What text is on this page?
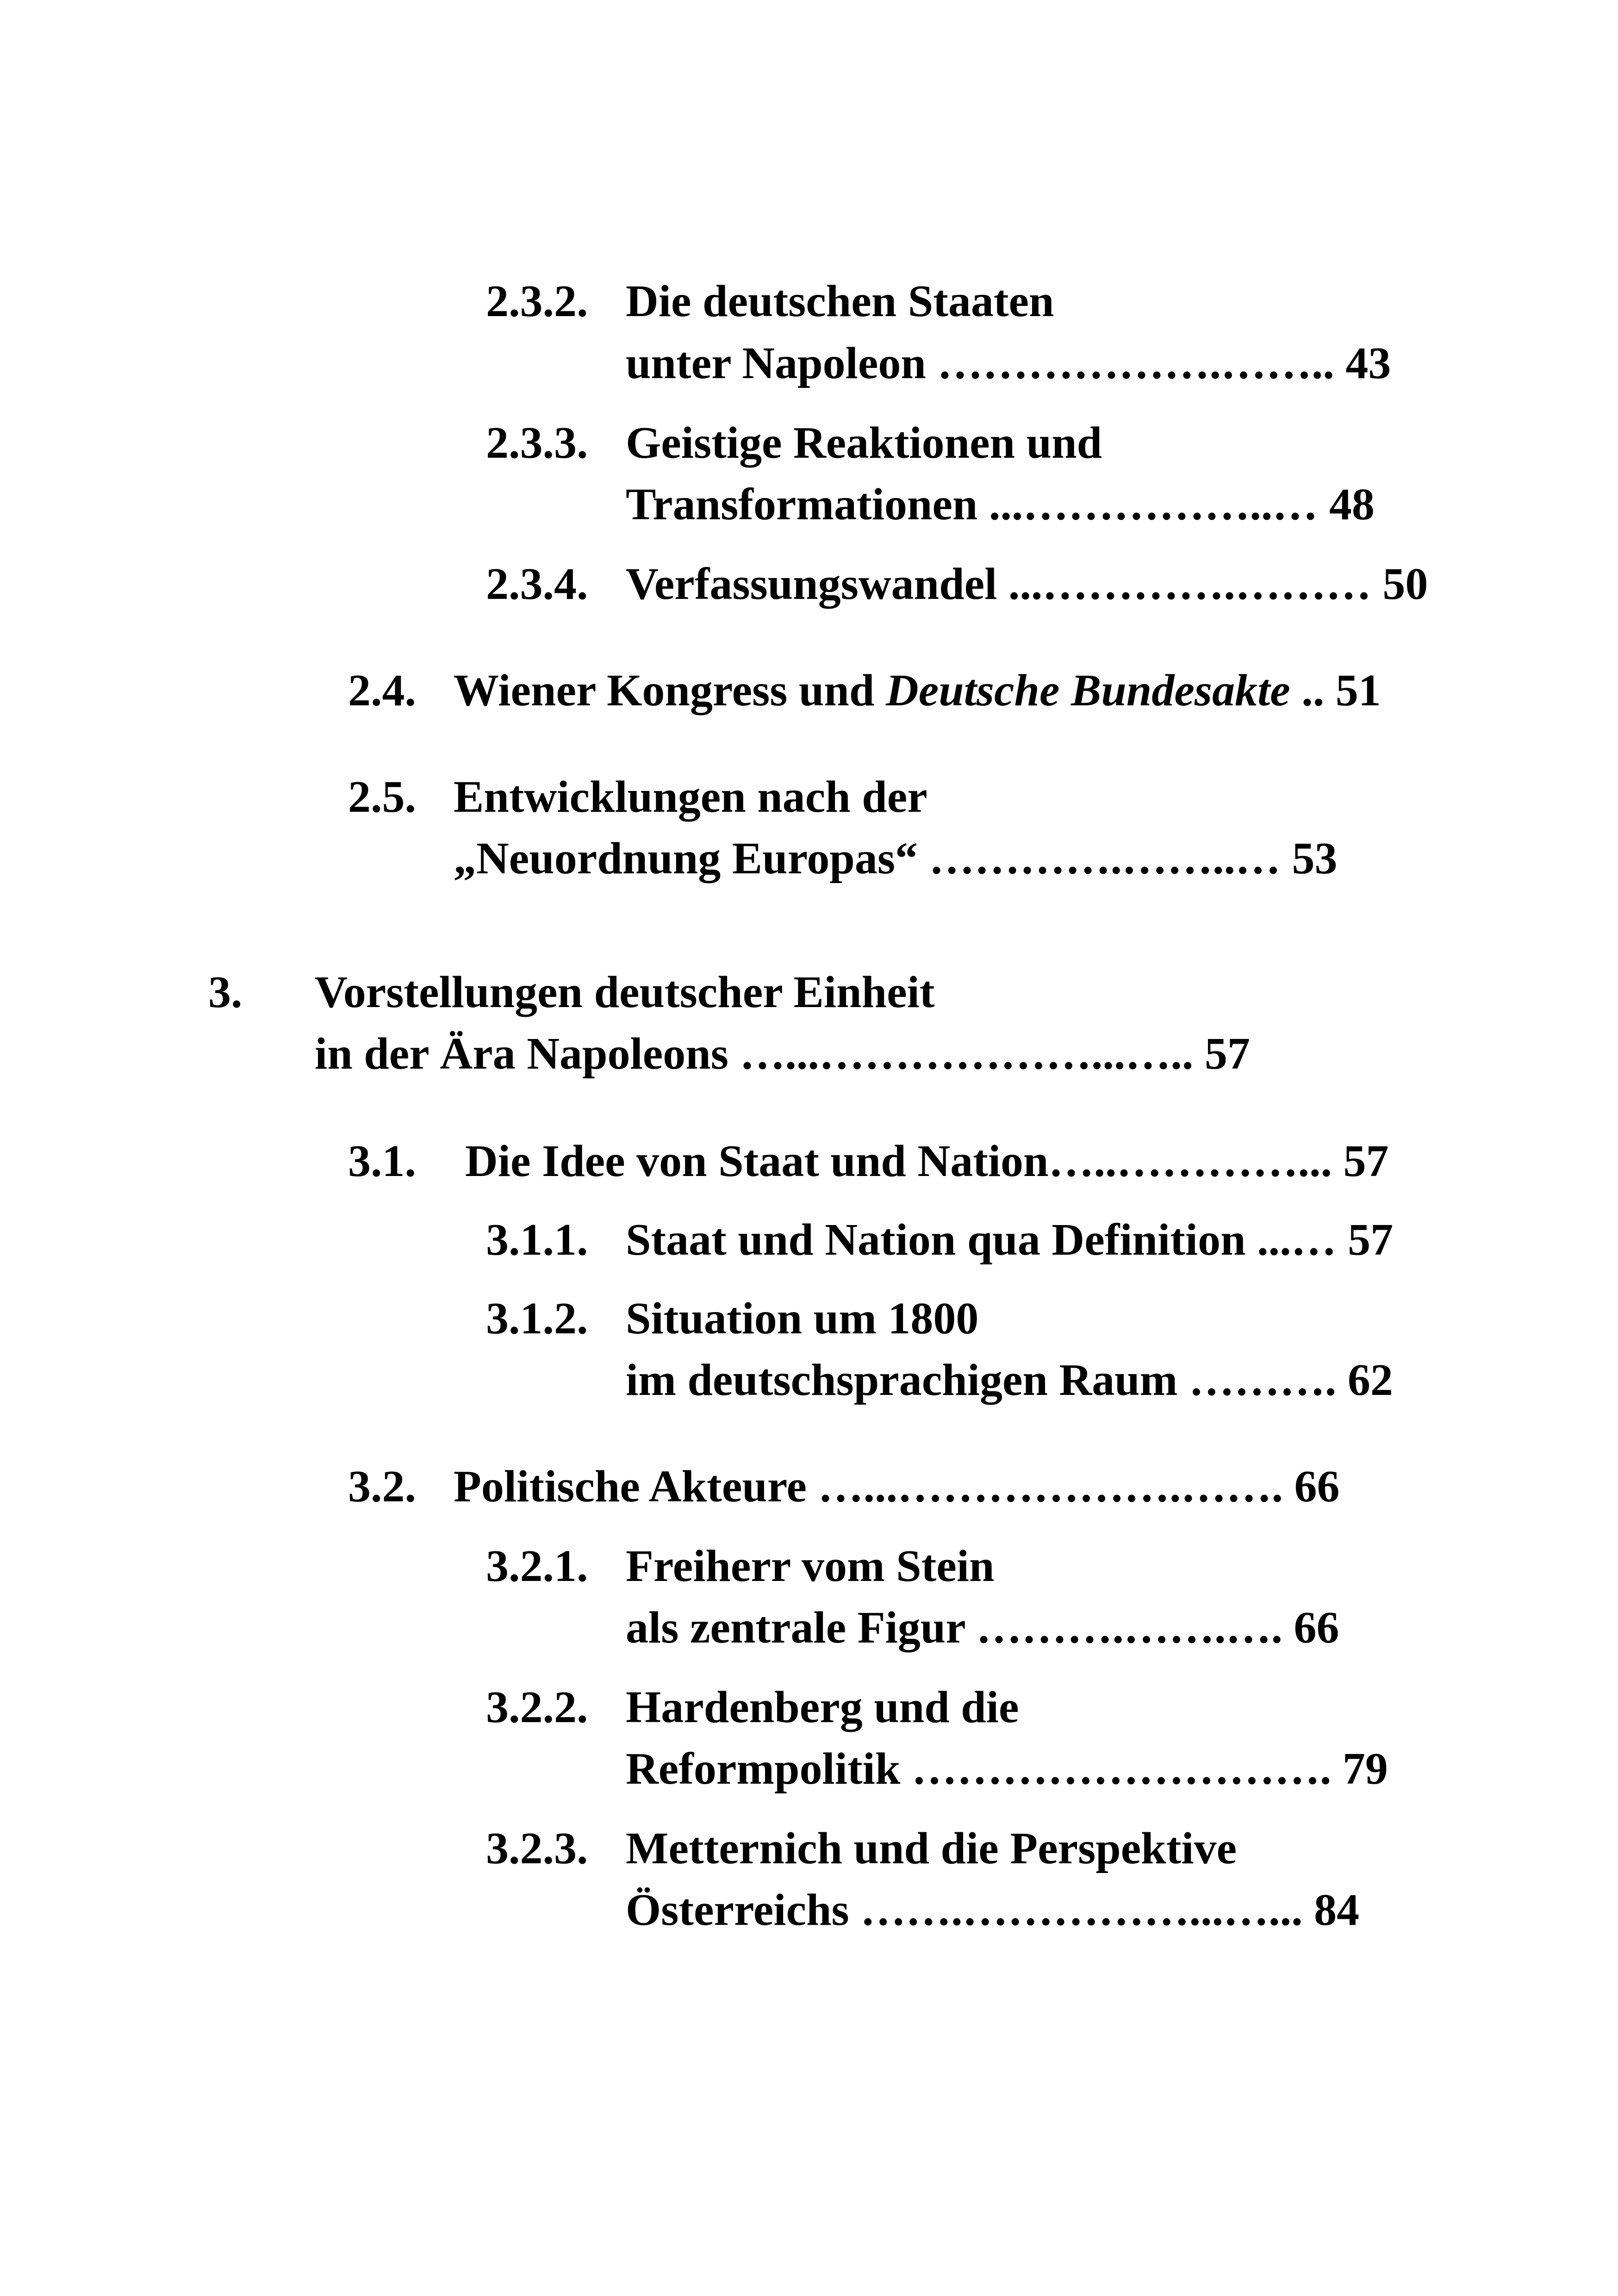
2.3.2. Die deutschen Staaten
unter Napoleon ……………….…….. 43
2.3.3. Geistige Reaktionen und
Transformationen ...……………..… 48
2.3.4. Verfassungswandel ...………….……… 50
2.4. Wiener Kongress und Deutsche Bundesakte .. 51
2.5. Entwicklungen nach der
„Neuordnung Europas“ ………….……..… 53
3. Vorstellungen deutscher Einheit
in der Ära Napoleons …...………………...….. 57
3.1. Die Idee von Staat und Nation…..…………... 57
3.1.1. Staat und Nation qua Definition ...… 57
3.1.2. Situation um 1800
im deutschsprachigen Raum ………. 62
3.2. Politische Akteure …...……………….……. 66
3.2.1. Freiherr vom Stein
als zentrale Figur ……….…….…. 66
3.2.2. Hardenberg und die
Reformpolitik ………………………. 79
3.2.3. Metternich und die Perspektive
Österreichs …….……………...…... 84
